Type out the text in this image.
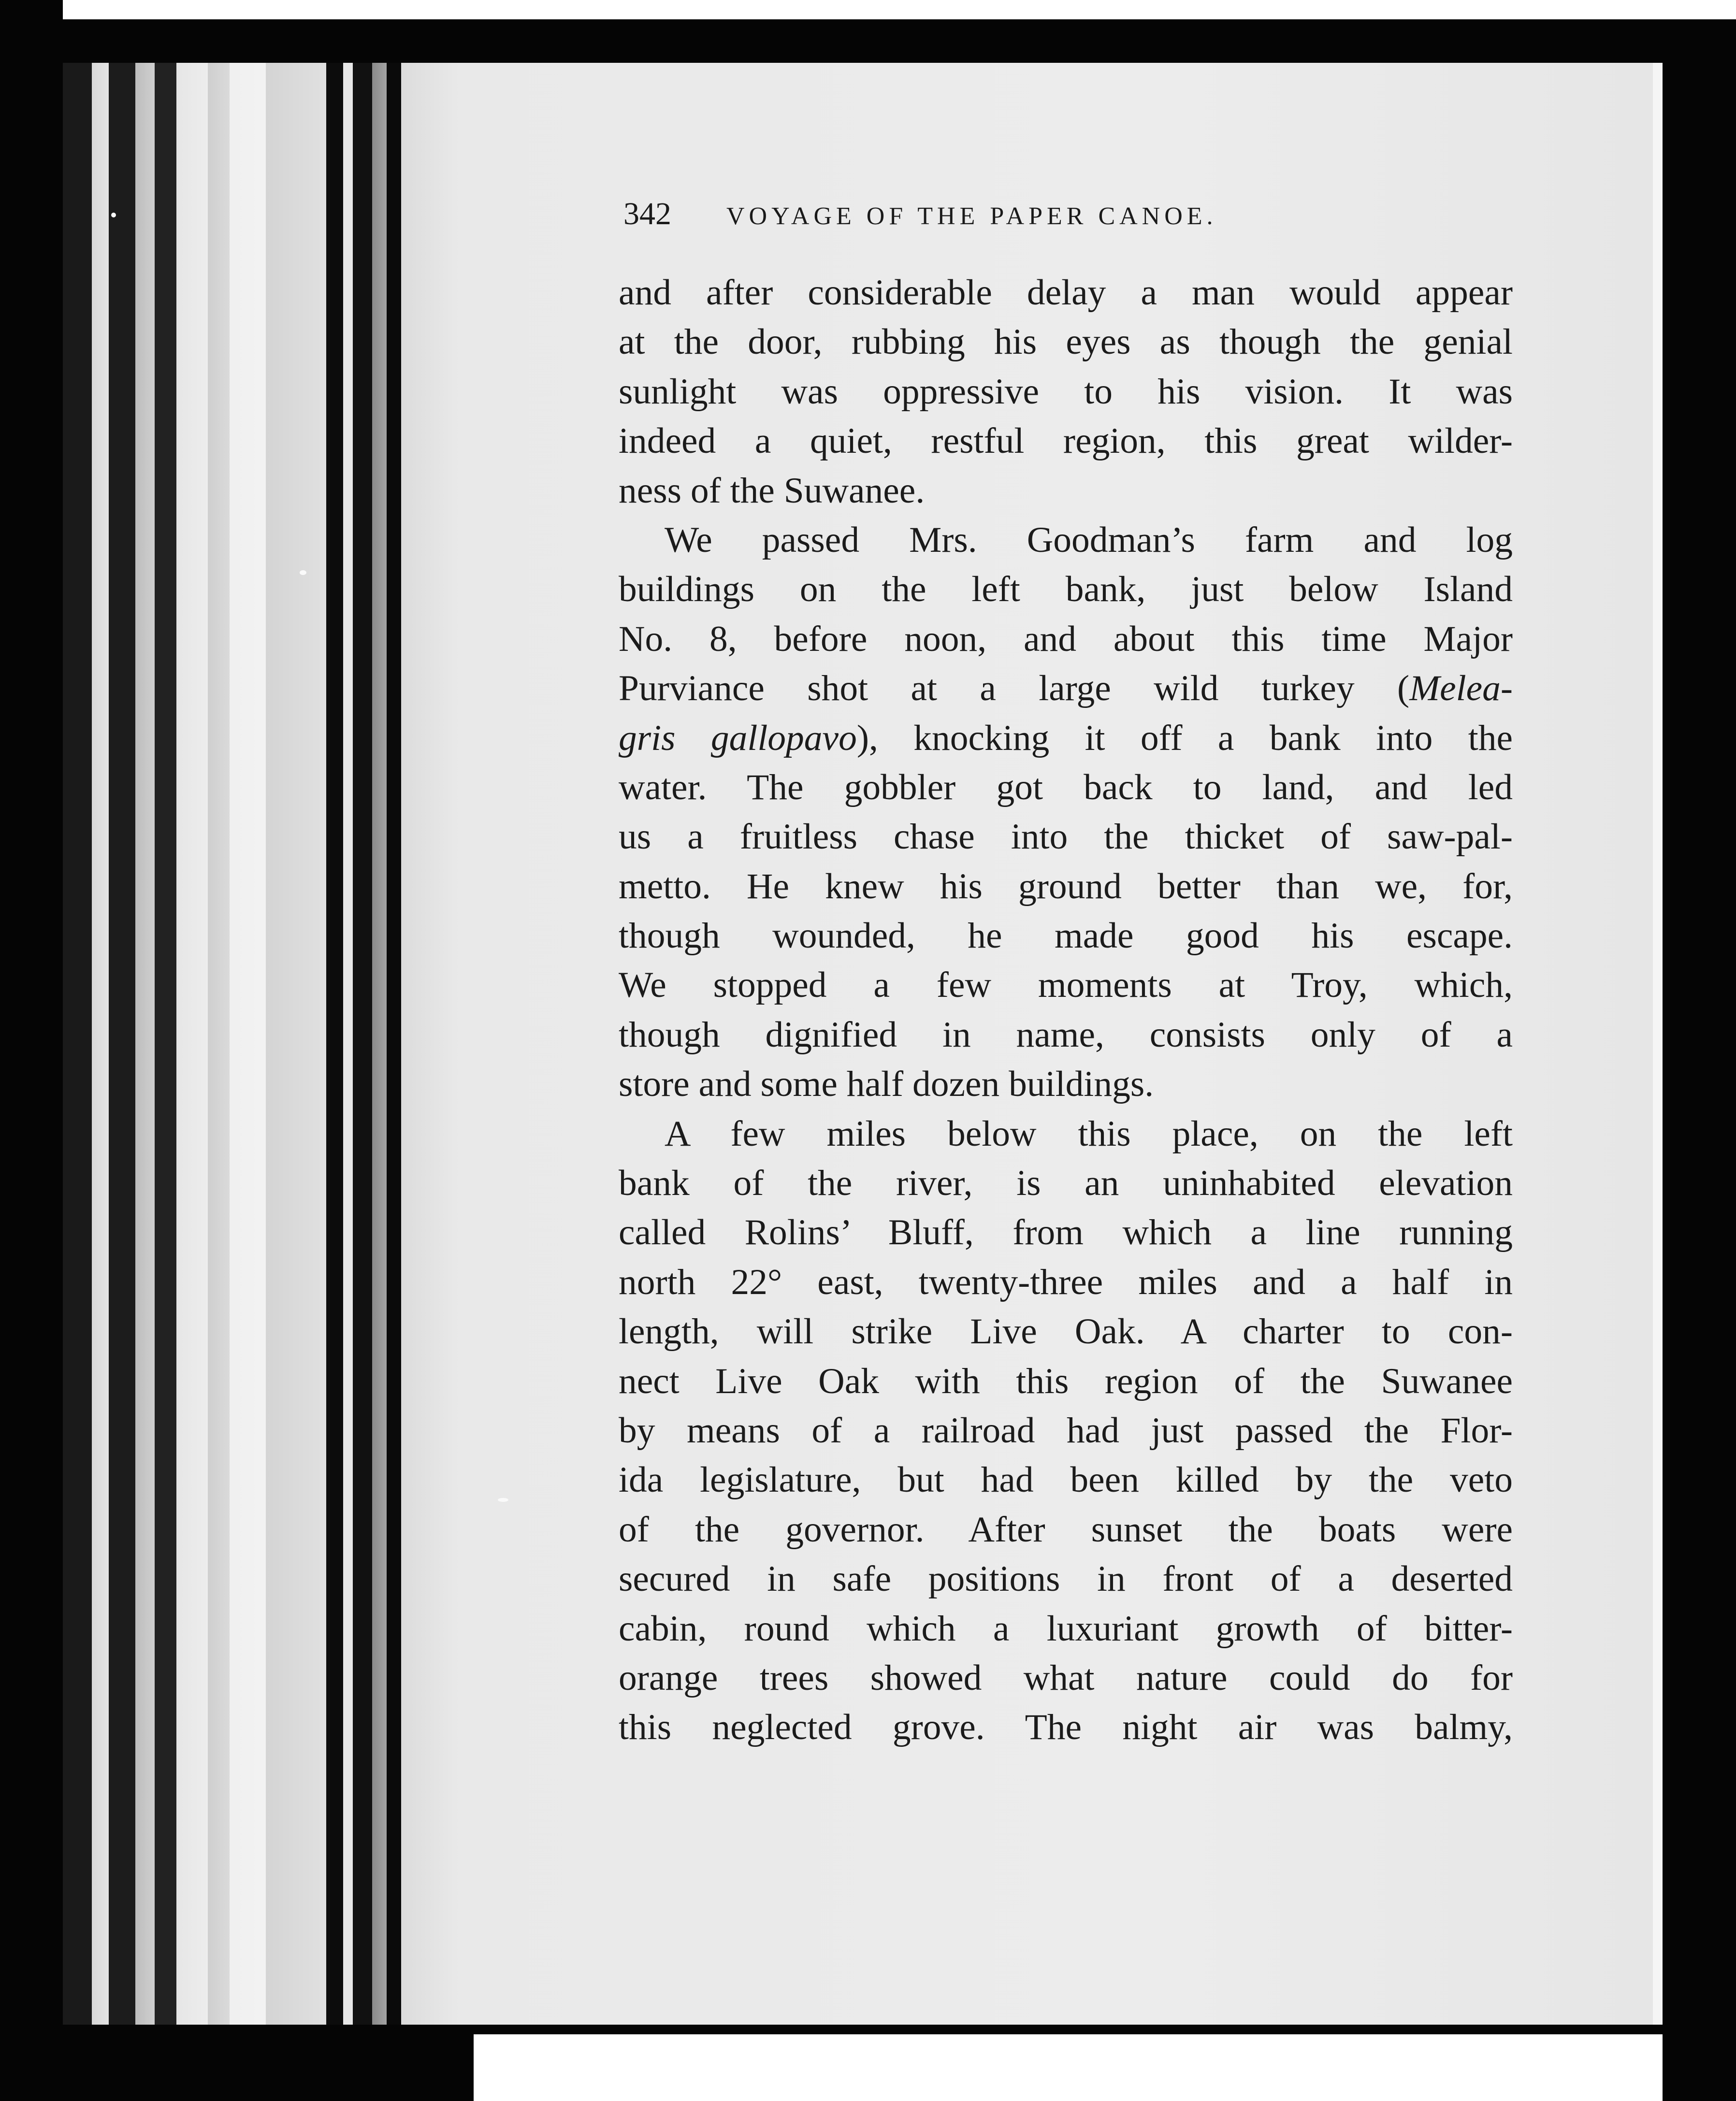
342 VOYAGE OF THE PAPER CANOE.
and after considerable delay a man would appear
at the door, rubbing his eyes as though the genial
sunlight was oppressive to his vision. It was
indeed a quiet, restful region, this great wilder-
ness of the Suwanee.
We passed Mrs. Goodman’s farm and log
buildings on the left bank, just below Island
No. 8, before noon, and about this time Major
Purviance shot at a large wild turkey (Melea-
gris gallopavo), knocking it off a bank into the
water. The gobbler got back to land, and led
us a fruitless chase into the thicket of saw-pal-
metto. He knew his ground better than we, for,
though wounded, he made good his escape.
We stopped a few moments at Troy, which,
though dignified in name, consists only of a
store and some half dozen buildings.
A few miles below this place, on the left
bank of the river, is an uninhabited elevation
called Rolins’ Bluff, from which a line running
north 22° east, twenty-three miles and a half in
length, will strike Live Oak. A charter to con-
nect Live Oak with this region of the Suwanee
by means of a railroad had just passed the Flor-
ida legislature, but had been killed by the veto
of the governor. After sunset the boats were
secured in safe positions in front of a deserted
cabin, round which a luxuriant growth of bitter-
orange trees showed what nature could do for
this neglected grove. The night air was balmy,
